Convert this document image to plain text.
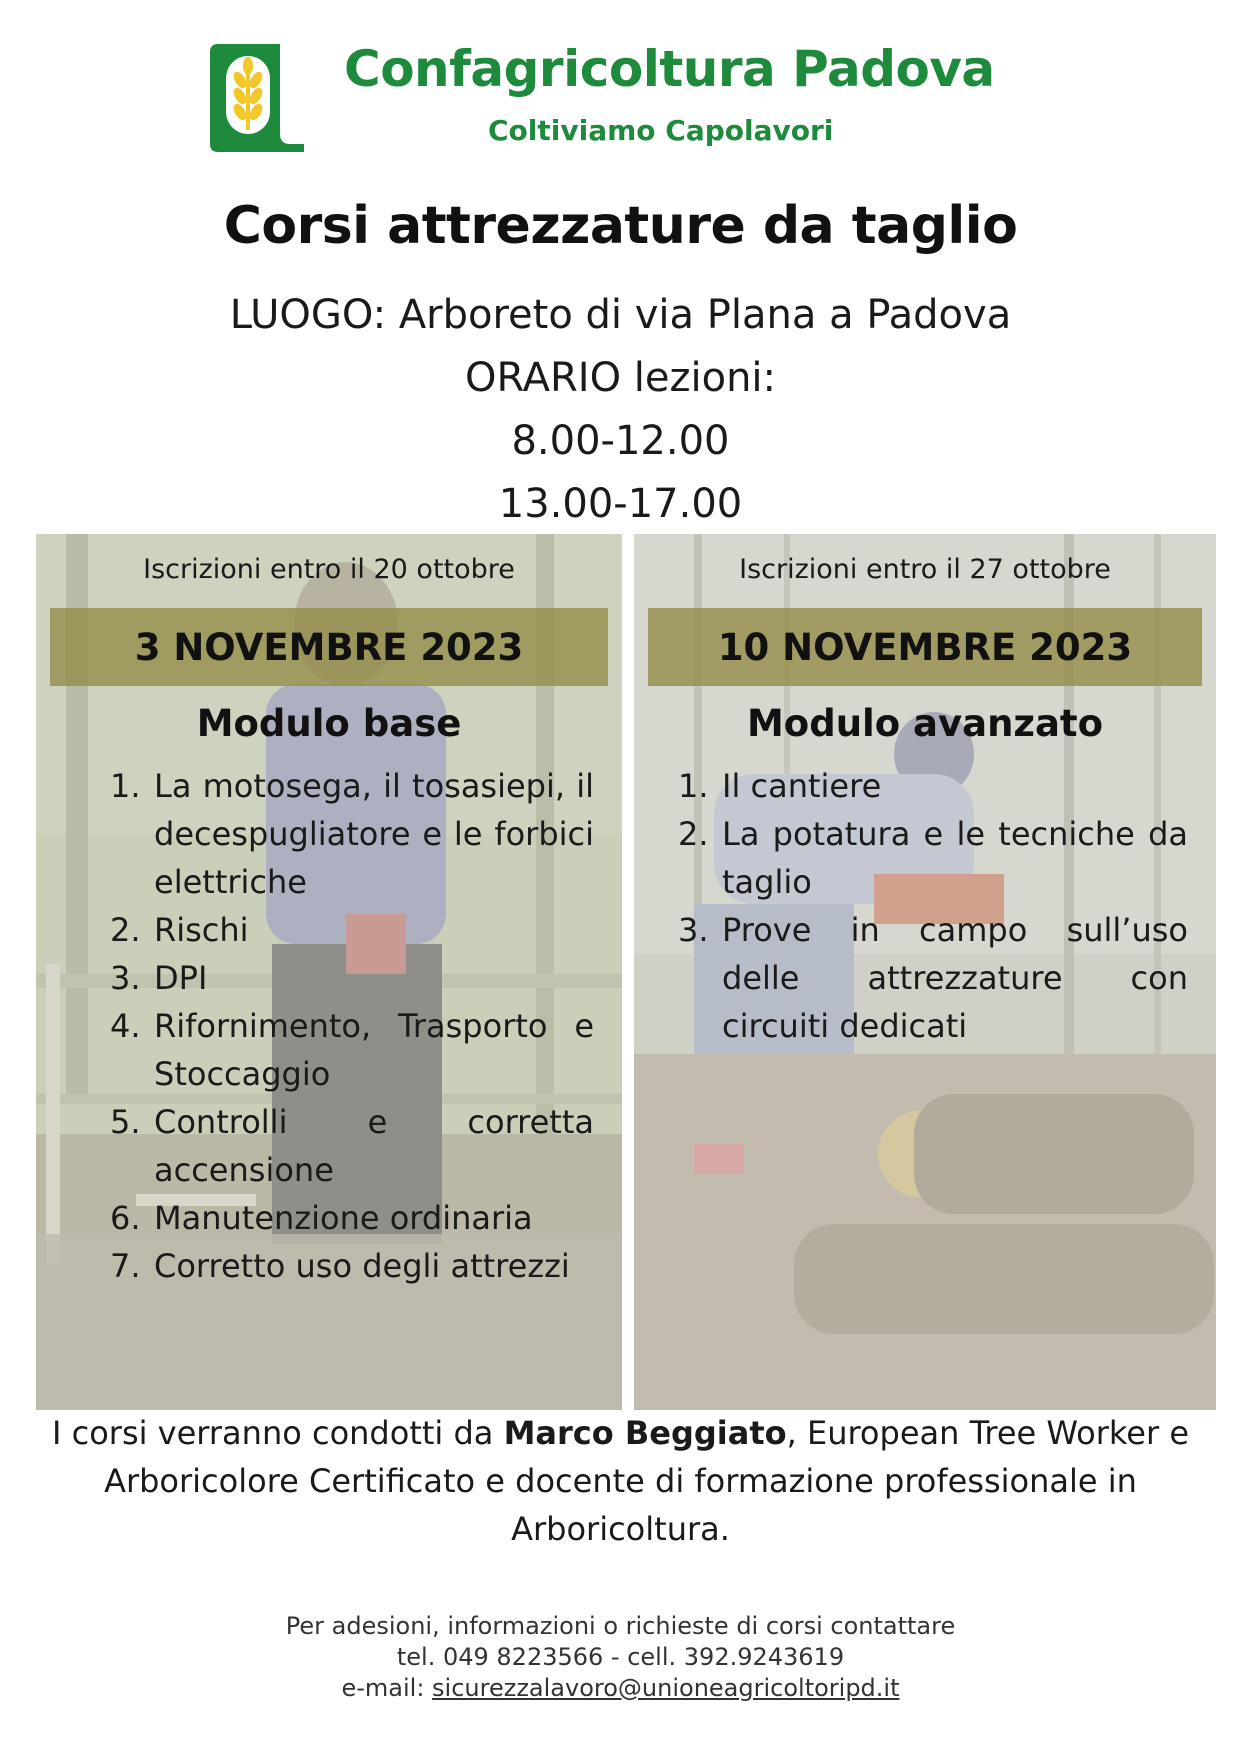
Confagricoltura Padova
Coltiviamo Capolavori
Corsi attrezzature da taglio
LUOGO: Arboreto di via Plana a Padova
ORARIO lezioni:
8.00-12.00
13.00-17.00
Iscrizioni entro il 20 ottobre
3 NOVEMBRE 2023
Modulo base
1. La motosega, il tosasiepi, il decespugliatore e le forbici elettriche
2. Rischi
3. DPI
4. Rifornimento, Trasporto e Stoccaggio
5. Controlli e corretta accensione
6. Manutenzione ordinaria
7. Corretto uso degli attrezzi
Iscrizioni entro il 27 ottobre
10 NOVEMBRE 2023
Modulo avanzato
1. Il cantiere
2. La potatura e le tecniche da taglio
3. Prove in campo sull’uso delle attrezzature con circuiti dedicati
I corsi verranno condotti da Marco Beggiato, European Tree Worker e Arboricolore Certificato e docente di formazione professionale in Arboricoltura.
Per adesioni, informazioni o richieste di corsi contattare
tel. 049 8223566 - cell. 392.9243619
e-mail: sicurezzalavoro@unioneagricoltoripd.it
